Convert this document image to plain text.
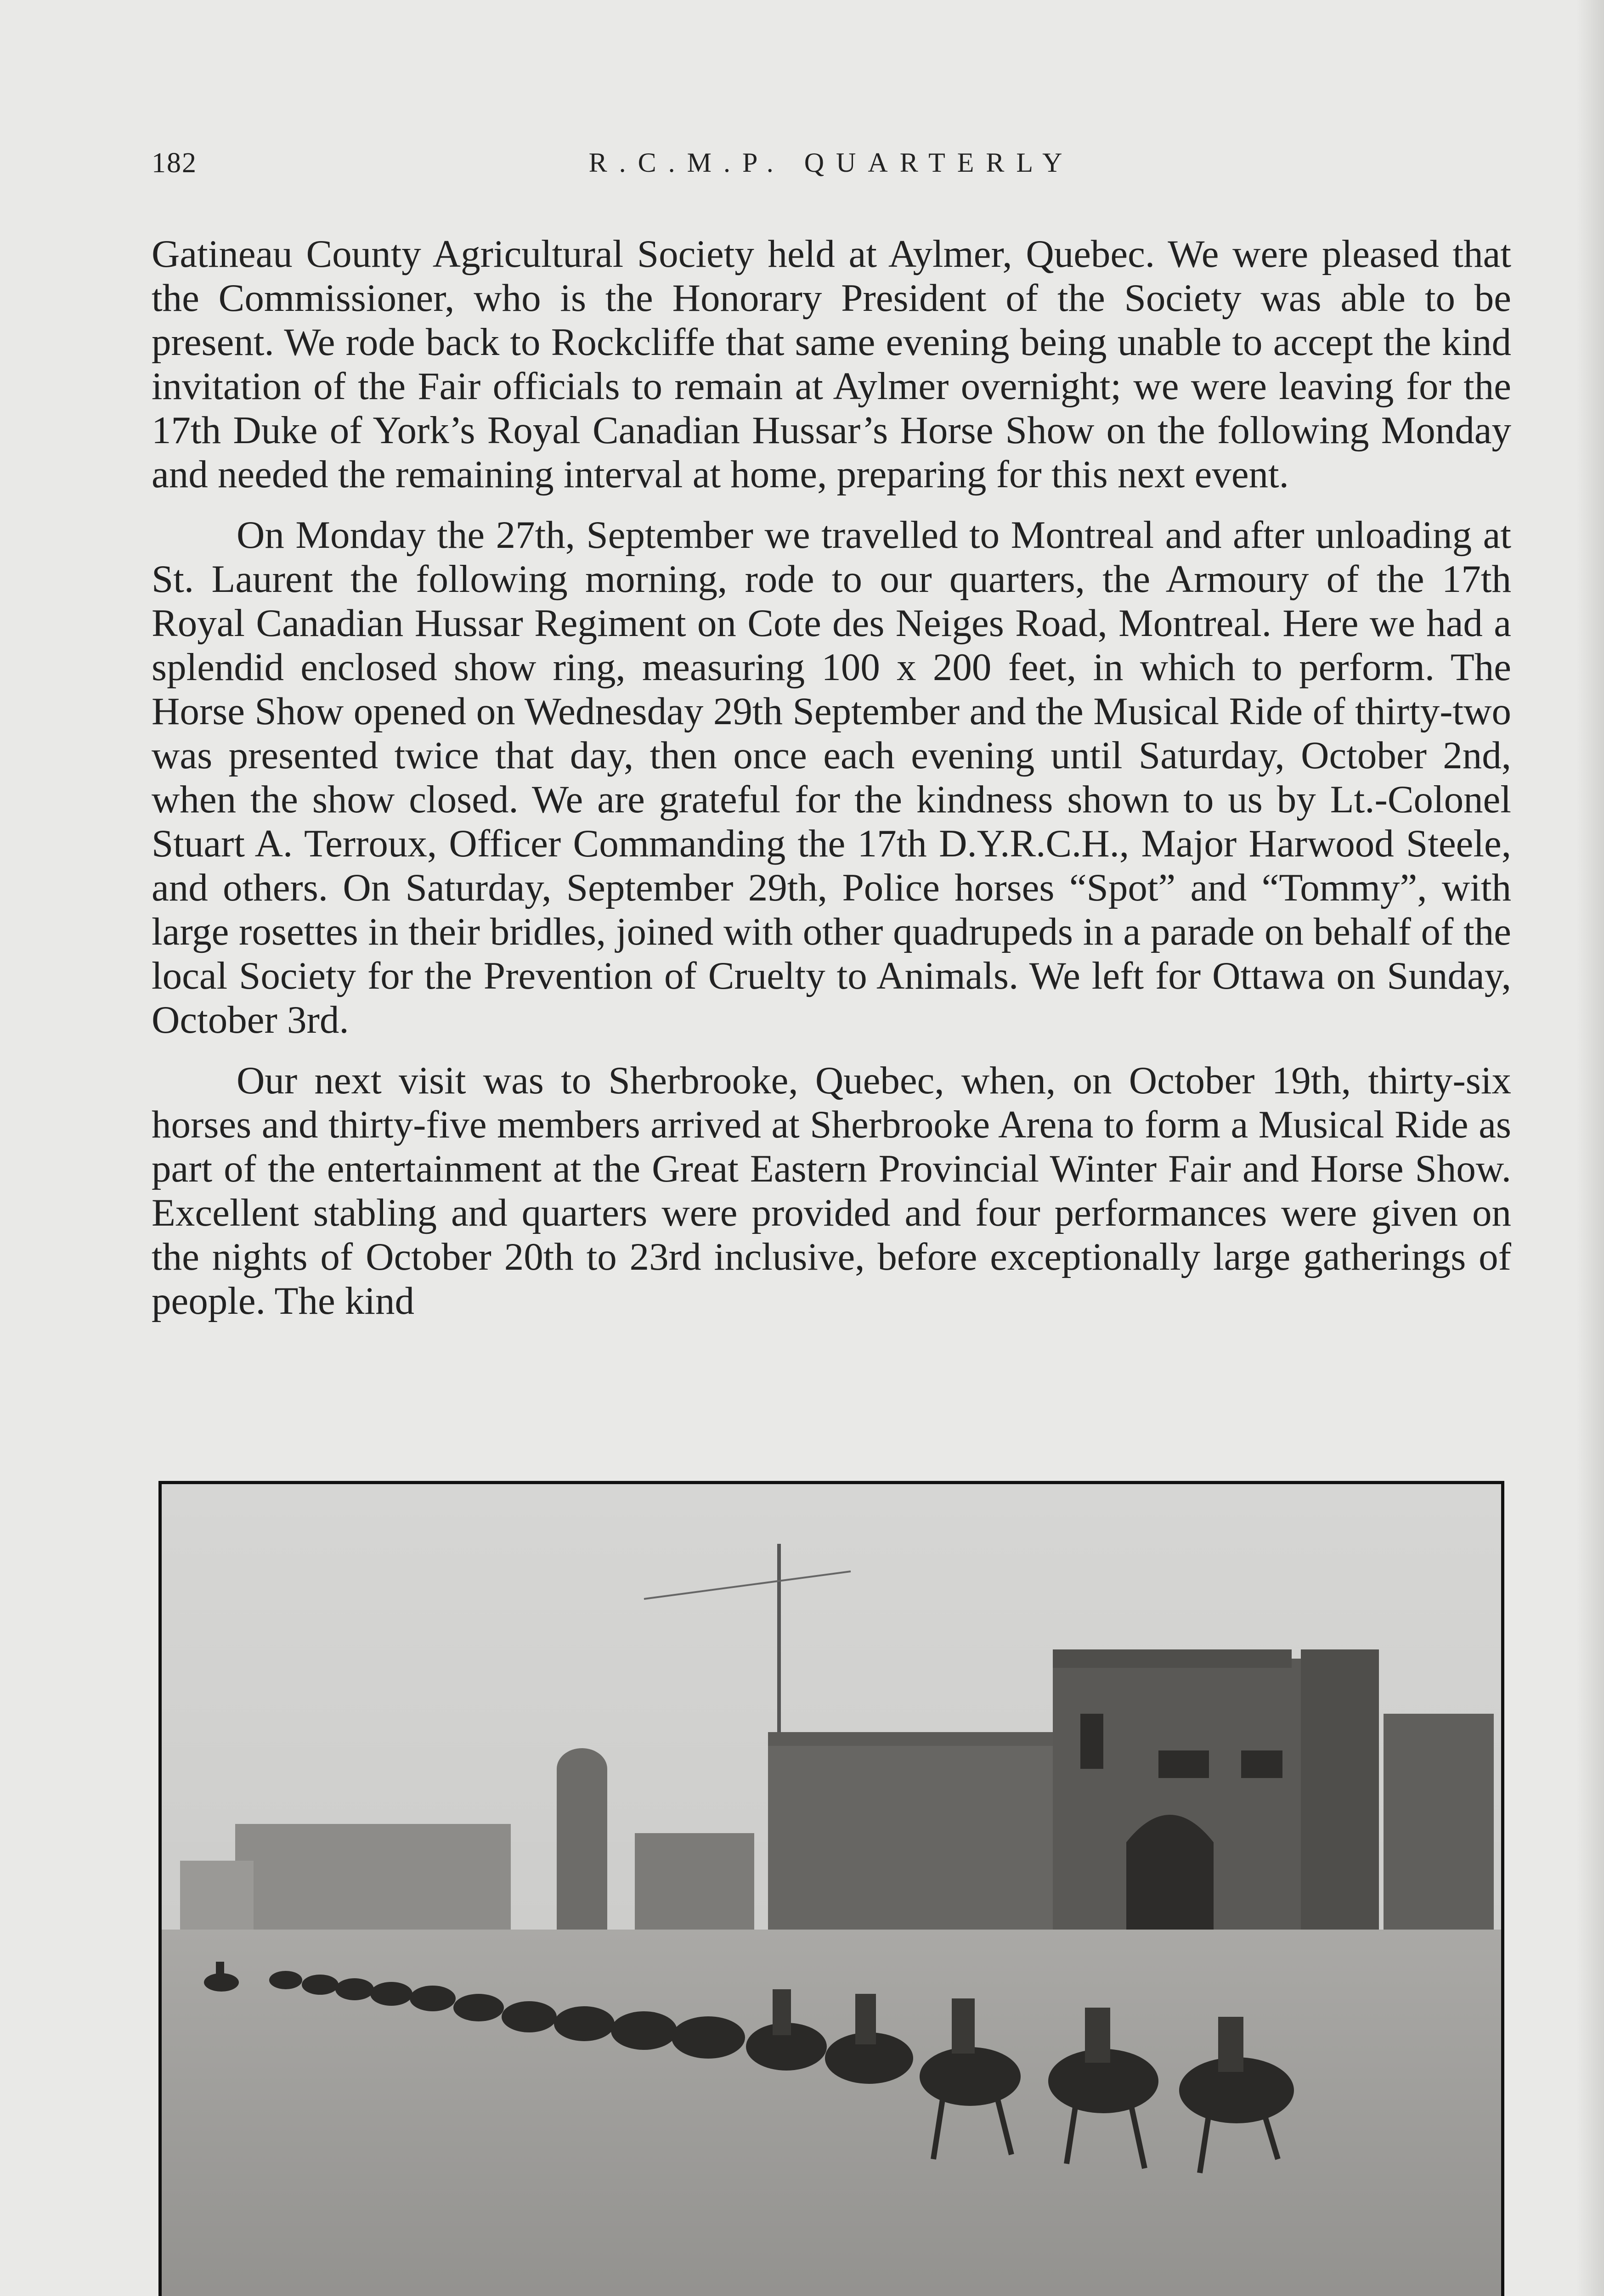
182	R.C.M.P. QUARTERLY

Gatineau County Agricultural Society held at Aylmer, Quebec. We were pleased that the Commissioner, who is the Honorary President of the Society was able to be present. We rode back to Rockcliffe that same evening being unable to accept the kind invitation of the Fair officials to remain at Aylmer overnight; we were leaving for the 17th Duke of York’s Royal Canadian Hussar’s Horse Show on the following Monday and needed the remaining interval at home, preparing for this next event.

On Monday the 27th, September we travelled to Montreal and after unloading at St. Laurent the following morning, rode to our quarters, the Armoury of the 17th Royal Canadian Hussar Regiment on Cote des Neiges Road, Montreal. Here we had a splendid enclosed show ring, measuring 100 x 200 feet, in which to perform. The Horse Show opened on Wednesday 29th September and the Musical Ride of thirty-two was presented twice that day, then once each evening until Saturday, October 2nd, when the show closed. We are grateful for the kindness shown to us by Lt.-Colonel Stuart A. Terroux, Officer Commanding the 17th D.Y.R.C.H., Major Harwood Steele, and others. On Saturday, September 29th, Police horses “Spot” and “Tommy”, with large rosettes in their bridles, joined with other quadrupeds in a parade on behalf of the local Society for the Prevention of Cruelty to Animals. We left for Ottawa on Sunday, October 3rd.

Our next visit was to Sherbrooke, Quebec, when, on October 19th, thirty-six horses and thirty-five members arrived at Sherbrooke Arena to form a Musical Ride as part of the entertainment at the Great Eastern Provincial Winter Fair and Horse Show. Excellent stabling and quarters were provided and four performances were given on the nights of October 20th to 23rd inclusive, before exceptionally large gatherings of people. The kind
